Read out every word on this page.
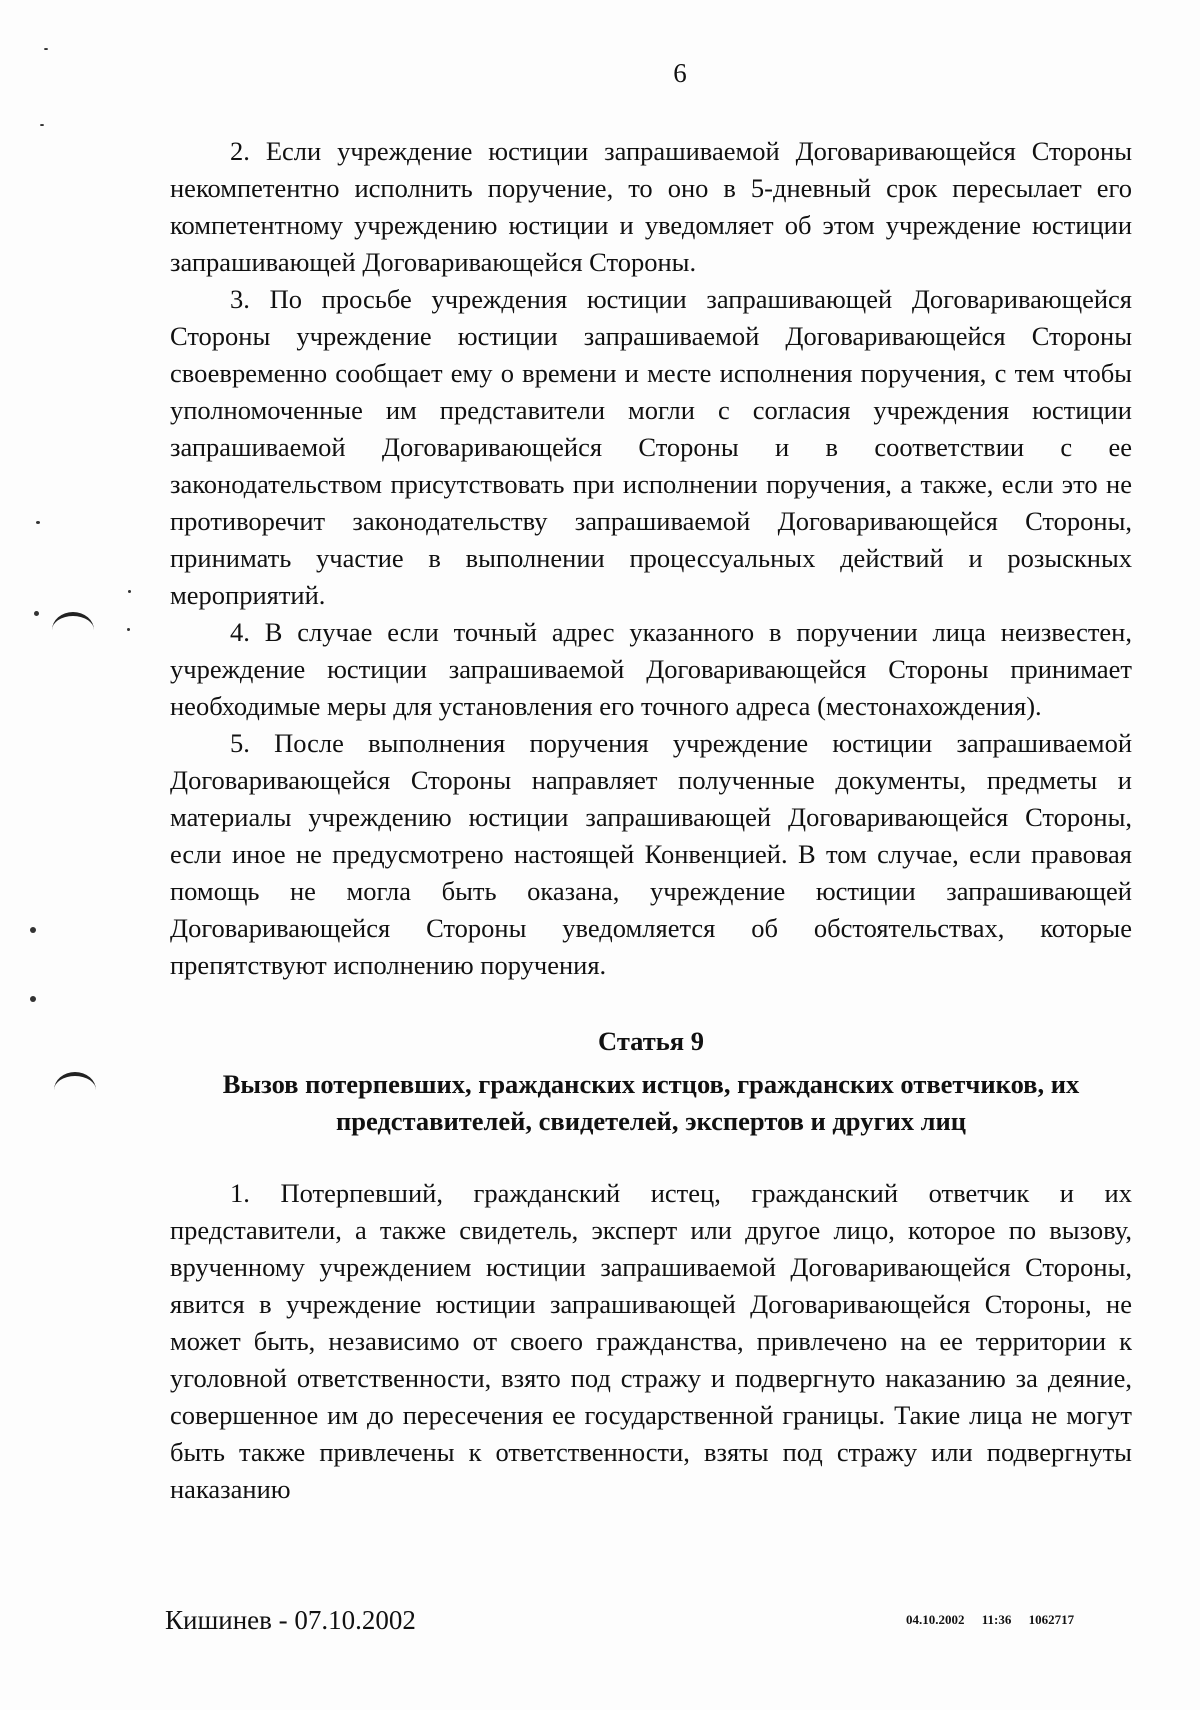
6

2. Если учреждение юстиции запрашиваемой Договаривающейся Стороны некомпетентно исполнить поручение, то оно в 5-дневный срок пересылает его компетентному учреждению юстиции и уведомляет об этом учреждение юстиции запрашивающей Договаривающейся Стороны.

3. По просьбе учреждения юстиции запрашивающей Договаривающейся Стороны учреждение юстиции запрашиваемой Договаривающейся Стороны своевременно сообщает ему о времени и месте исполнения поручения, с тем чтобы уполномоченные им представители могли с согласия учреждения юстиции запрашиваемой Договаривающейся Стороны и в соответствии с ее законодательством присутствовать при исполнении поручения, а также, если это не противоречит законодательству запрашиваемой Договаривающейся Стороны, принимать участие в выполнении процессуальных действий и розыскных мероприятий.

4. В случае если точный адрес указанного в поручении лица неизвестен, учреждение юстиции запрашиваемой Договаривающейся Стороны принимает необходимые меры для установления его точного адреса (местонахождения).

5. После выполнения поручения учреждение юстиции запрашиваемой Договаривающейся Стороны направляет полученные документы, предметы и материалы учреждению юстиции запрашивающей Договаривающейся Стороны, если иное не предусмотрено настоящей Конвенцией. В том случае, если правовая помощь не могла быть оказана, учреждение юстиции запрашивающей Договаривающейся Стороны уведомляется об обстоятельствах, которые препятствуют исполнению поручения.

Статья 9
Вызов потерпевших, гражданских истцов, гражданских ответчиков, их
представителей, свидетелей, экспертов и других лиц

1. Потерпевший, гражданский истец, гражданский ответчик и их представители, а также свидетель, эксперт или другое лицо, которое по вызову, врученному учреждением юстиции запрашиваемой Договаривающейся Стороны, явится в учреждение юстиции запрашивающей Договаривающейся Стороны, не может быть, независимо от своего гражданства, привлечено на ее территории к уголовной ответственности, взято под стражу и подвергнуто наказанию за деяние, совершенное им до пересечения ее государственной границы. Такие лица не могут быть также привлечены к ответственности, взяты под стражу или подвергнуты наказанию

Кишинев - 07.10.2002	04.10.2002 11:36 1062717
